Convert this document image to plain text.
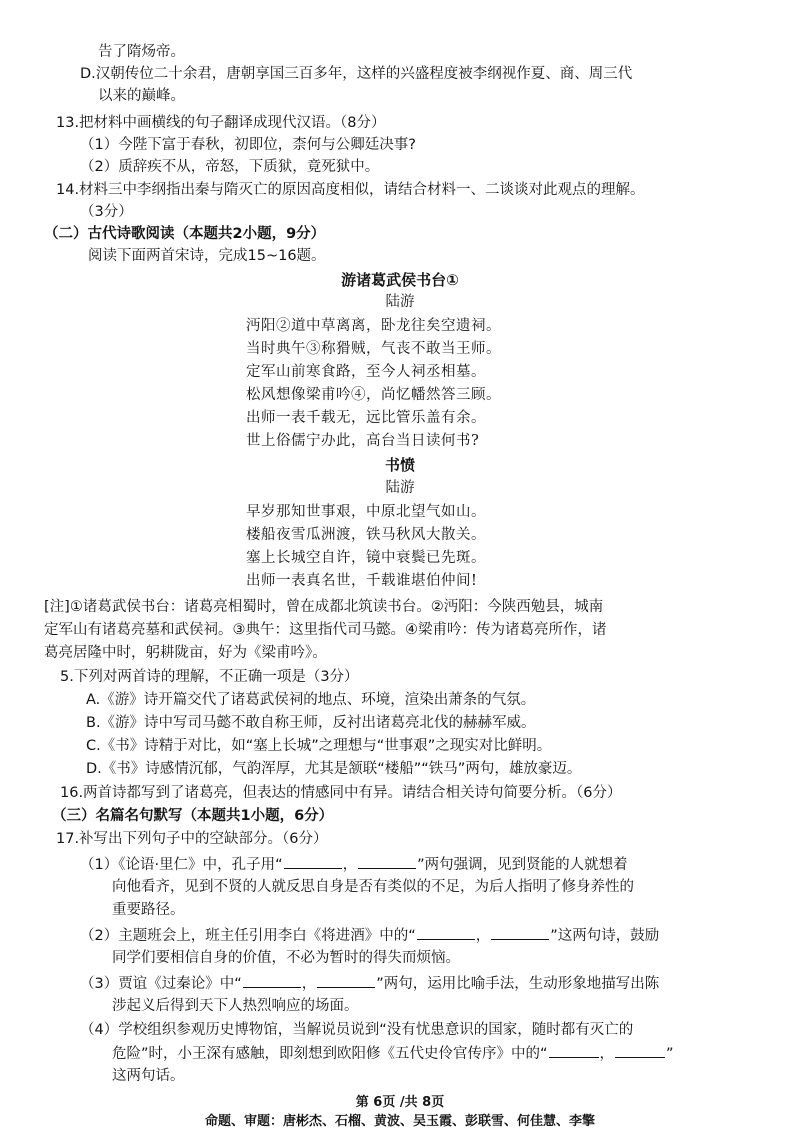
告了隋炀帝。
D.汉朝传位二十余君，唐朝享国三百多年，这样的兴盛程度被李纲视作夏、商、周三代
以来的巅峰。
13.把材料中画横线的句子翻译成现代汉语。（8分）
（1）今陛下富于春秋，初即位，柰何与公卿廷决事?
（2）质辞疾不从，帝怒，下质狱，竟死狱中。
14.材料三中李纲指出秦与隋灭亡的原因高度相似，请结合材料一、二谈谈对此观点的理解。
（3分）
（二）古代诗歌阅读（本题共2小题，9分）
阅读下面两首宋诗，完成15~16题。
游诸葛武侯书台①
陆游
沔阳②道中草离离，卧龙往矣空遗祠。
当时典午③称猾贼，气丧不敢当王师。
定军山前寒食路，至今人祠丞相墓。
松风想像梁甫吟④，尚忆幡然答三顾。
出师一表千载无，远比管乐盖有余。
世上俗儒宁办此，高台当日读何书?
书愤
陆游
早岁那知世事艰，中原北望气如山。
楼船夜雪瓜洲渡，铁马秋风大散关。
塞上长城空自许，镜中衰鬓已先斑。
出师一表真名世，千载谁堪伯仲间!
[注]①诸葛武侯书台：诸葛亮相蜀时，曾在成都北筑读书台。②沔阳：今陕西勉县，城南
定军山有诸葛亮墓和武侯祠。③典午：这里指代司马懿。④梁甫吟：传为诸葛亮所作，诸
葛亮居隆中时，躬耕陇亩，好为《梁甫吟》。
5.下列对两首诗的理解，不正确一项是（3分）
A.《游》诗开篇交代了诸葛武侯祠的地点、环境，渲染出萧条的气氛。
B.《游》诗中写司马懿不敢自称王师，反衬出诸葛亮北伐的赫赫军威。
C.《书》诗精于对比，如“塞上长城”之理想与“世事艰”之现实对比鲜明。
D.《书》诗感情沉郁，气韵浑厚，尤其是颔联“楼船”“铁马”两句，雄放豪迈。
16.两首诗都写到了诸葛亮，但表达的情感同中有异。请结合相关诗句简要分析。（6分）
（三）名篇名句默写（本题共1小题，6分）
17.补写出下列句子中的空缺部分。（6分）
（1）《论语·里仁》中，孔子用“	，	”两句强调，见到贤能的人就想着
向他看齐，见到不贤的人就反思自身是否有类似的不足，为后人指明了修身养性的
重要路径。
（2）主题班会上，班主任引用李白《将进酒》中的“	，	”这两句诗，鼓励
同学们要相信自身的价值，不必为暂时的得失而烦恼。
（3）贾谊《过秦论》中“	，	”两句，运用比喻手法，生动形象地描写出陈
涉起义后得到天下人热烈响应的场面。
（4）学校组织参观历史博物馆，当解说员说到“没有忧患意识的国家，随时都有灭亡的
危险”时，小王深有感触，即刻想到欧阳修《五代史伶官传序》中的“	，	”
这两句话。
第 6页 /共 8页
命题、审题：唐彬杰、石榴、黄波、吴玉霞、彭联雪、何佳慧、李擎
